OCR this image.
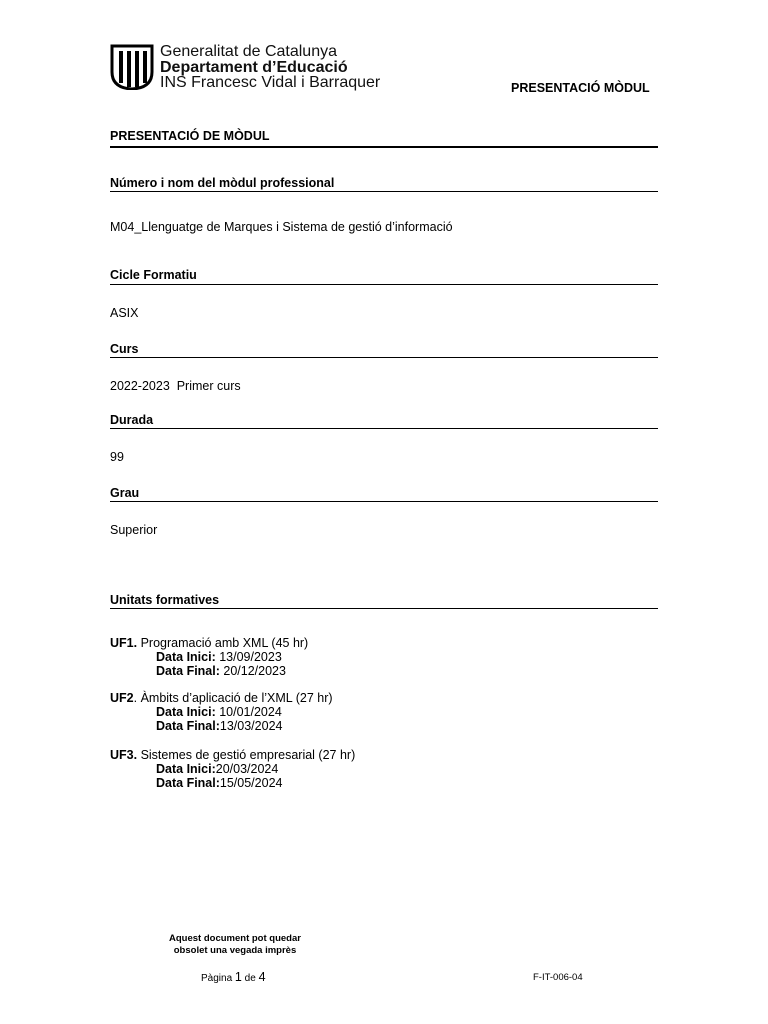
Generalitat de Catalunya
Departament d’Educació
INS Francesc Vidal i Barraquer	PRESENTACIÓ MÒDUL
PRESENTACIÓ DE MÒDUL
Número i nom del mòdul professional
M04_Llenguatge de Marques i Sistema de gestió d’informació
Cicle Formatiu
ASIX
Curs
2022-2023  Primer curs
Durada
99
Grau
Superior
Unitats formatives
UF1. Programació amb XML (45 hr)
Data Inici: 13/09/2023
Data Final: 20/12/2023
UF2. Àmbits d’aplicació de l’XML (27 hr)
Data Inici: 10/01/2024
Data Final:13/03/2024
UF3. Sistemes de gestió empresarial (27 hr)
Data Inici:20/03/2024
Data Final:15/05/2024
Aquest document pot quedar
obsolet una vegada imprès
Pàgina 1 de 4	F-IT-006-04
